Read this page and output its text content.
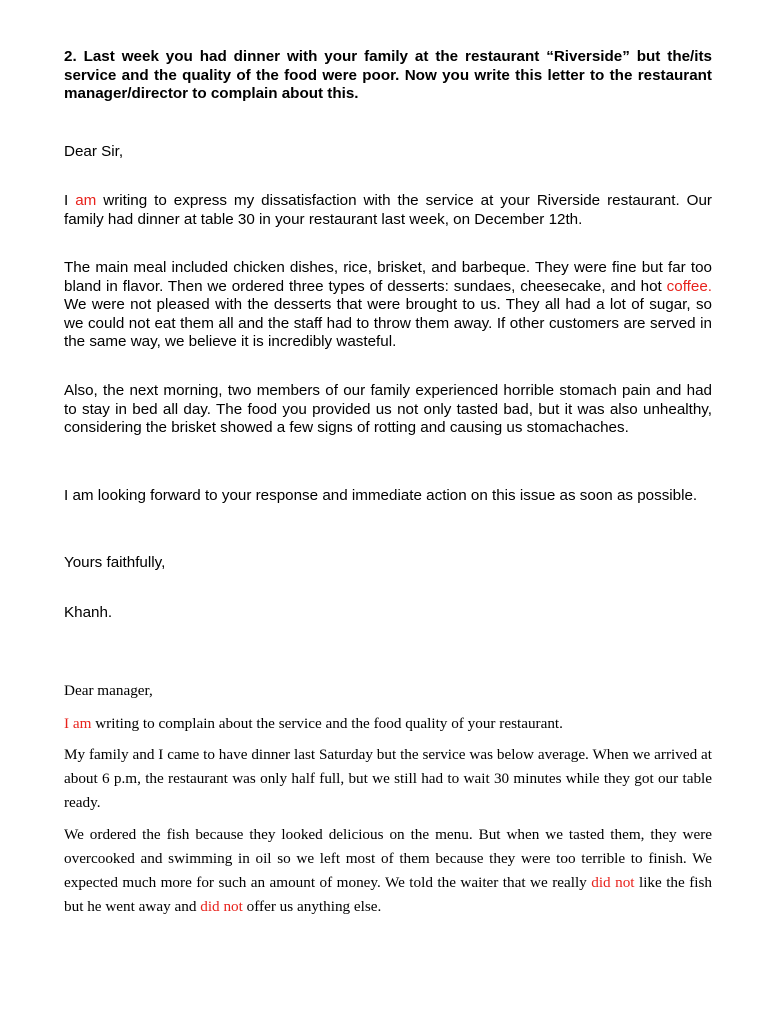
2. Last week you had dinner with your family at the restaurant “Riverside” but the/its service and the quality of the food were poor. Now you write this letter to the restaurant manager/director to complain about this.

Dear Sir,

I am writing to express my dissatisfaction with the service at your Riverside restaurant. Our family had dinner at table 30 in your restaurant last week, on December 12th.

The main meal included chicken dishes, rice, brisket, and barbeque. They were fine but far too bland in flavor. Then we ordered three types of desserts: sundaes, cheesecake, and hot coffee. We were not pleased with the desserts that were brought to us. They all had a lot of sugar, so we could not eat them all and the staff had to throw them away. If other customers are served in the same way, we believe it is incredibly wasteful.

Also, the next morning, two members of our family experienced horrible stomach pain and had to stay in bed all day. The food you provided us not only tasted bad, but it was also unhealthy, considering the brisket showed a few signs of rotting and causing us stomachaches.

I am looking forward to your response and immediate action on this issue as soon as possible.

Yours faithfully,

Khanh.

Dear manager,

I am writing to complain about the service and the food quality of your restaurant.

My family and I came to have dinner last Saturday but the service was below average. When we arrived at about 6 p.m, the restaurant was only half full, but we still had to wait 30 minutes while they got our table ready.

We ordered the fish because they looked delicious on the menu. But when we tasted them, they were overcooked and swimming in oil so we left most of them because they were too terrible to finish. We expected much more for such an amount of money. We told the waiter that we really did not like the fish but he went away and did not offer us anything else.
